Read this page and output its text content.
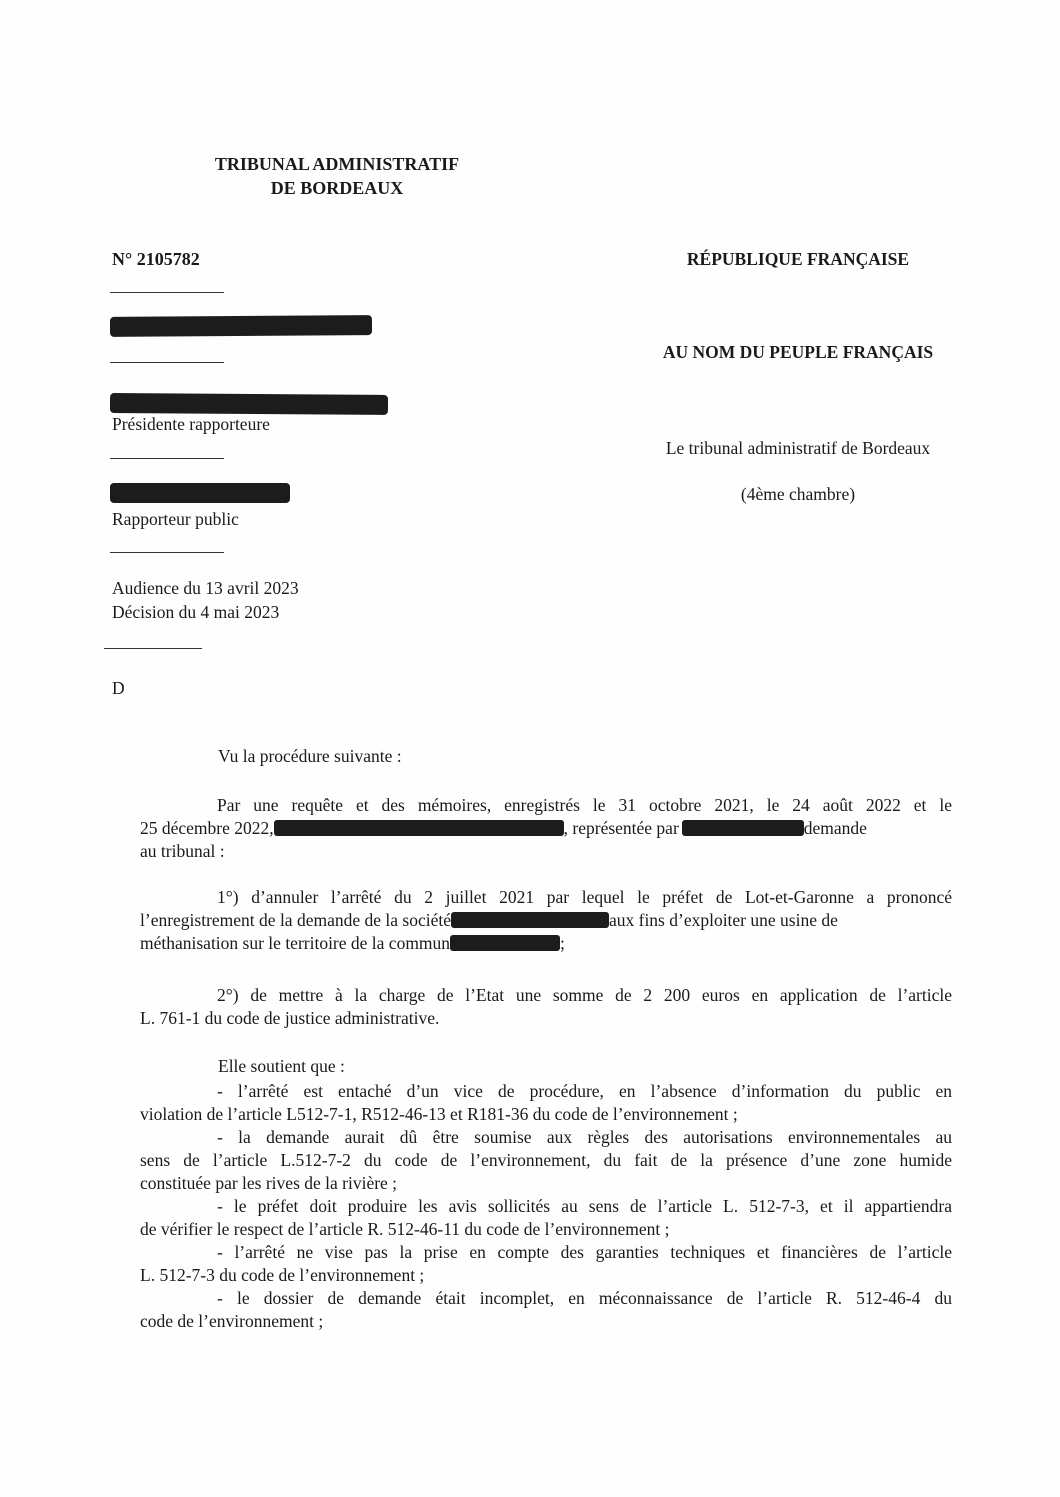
TRIBUNAL ADMINISTRATIF
DE BORDEAUX
N° 2105782	RÉPUBLIQUE FRANÇAISE
AU NOM DU PEUPLE FRANÇAIS
Le tribunal administratif de Bordeaux
(4ème chambre)
Présidente rapporteure
Rapporteur public
Audience du 13 avril 2023
Décision du 4 mai 2023
D
Vu la procédure suivante :
Par une requête et des mémoires, enregistrés le 31 octobre 2021, le 24 août 2022 et le
25 décembre 2022,	, représentée par	demande
au tribunal :
1°) d’annuler l’arrêté du 2 juillet 2021 par lequel le préfet de Lot-et-Garonne a prononcé
l’enregistrement de la demande de la société	aux fins d’exploiter une usine de
méthanisation sur le territoire de la commun	;
2°) de mettre à la charge de l’Etat une somme de 2 200 euros en application de l’article
L. 761-1 du code de justice administrative.
Elle soutient que :
- l’arrêté est entaché d’un vice de procédure, en l’absence d’information du public en
violation de l’article L512-7-1, R512-46-13 et R181-36 du code de l’environnement ;
- la demande aurait dû être soumise aux règles des autorisations environnementales au
sens de l’article L.512-7-2 du code de l’environnement, du fait de la présence d’une zone humide
constituée par les rives de la rivière ;
- le préfet doit produire les avis sollicités au sens de l’article L. 512-7-3, et il appartiendra
de vérifier le respect de l’article R. 512-46-11 du code de l’environnement ;
- l’arrêté ne vise pas la prise en compte des garanties techniques et financières de l’article
L. 512-7-3 du code de l’environnement ;
- le dossier de demande était incomplet, en méconnaissance de l’article R. 512-46-4 du
code de l’environnement ;
